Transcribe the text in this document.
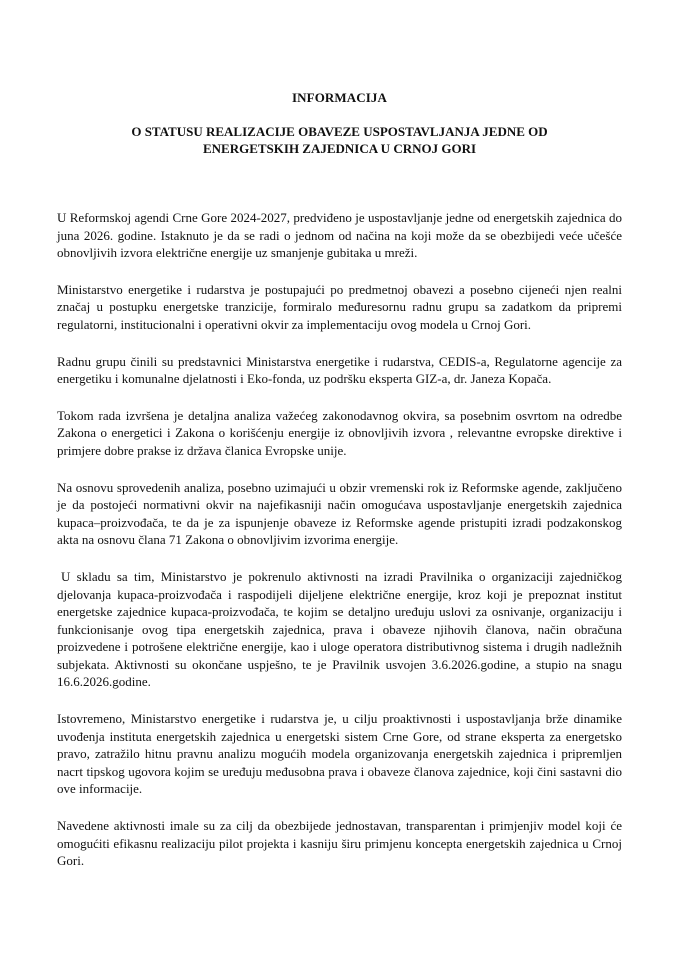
INFORMACIJA
O STATUSU REALIZACIJE OBAVEZE USPOSTAVLJANJA JEDNE OD
ENERGETSKIH ZAJEDNICA U CRNOJ GORI

U Reformskoj agendi Crne Gore 2024-2027, predviđeno je uspostavljanje jedne od energetskih zajednica do juna 2026. godine. Istaknuto je da se radi o jednom od načina na koji može da se obezbijedi veće učešće obnovljivih izvora električne energije uz smanjenje gubitaka u mreži.

Ministarstvo energetike i rudarstva je postupajući po predmetnoj obavezi a posebno cijeneći njen realni značaj u postupku energetske tranzicije, formiralo međuresornu radnu grupu sa zadatkom da pripremi regulatorni, institucionalni i operativni okvir za implementaciju ovog modela u Crnoj Gori.

Radnu grupu činili su predstavnici Ministarstva energetike i rudarstva, CEDIS-a, Regulatorne agencije za energetiku i komunalne djelatnosti i Eko-fonda, uz podršku eksperta GIZ-a, dr. Janeza Kopača.

Tokom rada izvršena je detaljna analiza važećeg zakonodavnog okvira, sa posebnim osvrtom na odredbe Zakona o energetici i Zakona o korišćenju energije iz obnovljivih izvora , relevantne evropske direktive i primjere dobre prakse iz država članica Evropske unije.

Na osnovu sprovedenih analiza, posebno uzimajući u obzir vremenski rok iz Reformske agende, zaključeno je da postojeći normativni okvir na najefikasniji način omogućava uspostavljanje energetskih zajednica kupaca–proizvođača, te da je za ispunjenje obaveze iz Reformske agende pristupiti izradi podzakonskog akta na osnovu člana 71 Zakona o obnovljivim izvorima energije.

U skladu sa tim, Ministarstvo je pokrenulo aktivnosti na izradi Pravilnika o organizaciji zajedničkog djelovanja kupaca-proizvođača i raspodijeli dijeljene električne energije, kroz koji je prepoznat institut energetske zajednice kupaca-proizvođača, te kojim se detaljno uređuju uslovi za osnivanje, organizaciju i funkcionisanje ovog tipa energetskih zajednica, prava i obaveze njihovih članova, način obračuna proizvedene i potrošene električne energije, kao i uloge operatora distributivnog sistema i drugih nadležnih subjekata. Aktivnosti su okončane uspješno, te je Pravilnik usvojen 3.6.2026.godine, a stupio na snagu 16.6.2026.godine.

Istovremeno, Ministarstvo energetike i rudarstva je, u cilju proaktivnosti i uspostavljanja brže dinamike uvođenja instituta energetskih zajednica u energetski sistem Crne Gore, od strane eksperta za energetsko pravo, zatražilo hitnu pravnu analizu mogućih modela organizovanja energetskih zajednica i pripremljen nacrt tipskog ugovora kojim se uređuju međusobna prava i obaveze članova zajednice, koji čini sastavni dio ove informacije.

Navedene aktivnosti imale su za cilj da obezbijede jednostavan, transparentan i primjenjiv model koji će omogućiti efikasnu realizaciju pilot projekta i kasniju širu primjenu koncepta energetskih zajednica u Crnoj Gori.
